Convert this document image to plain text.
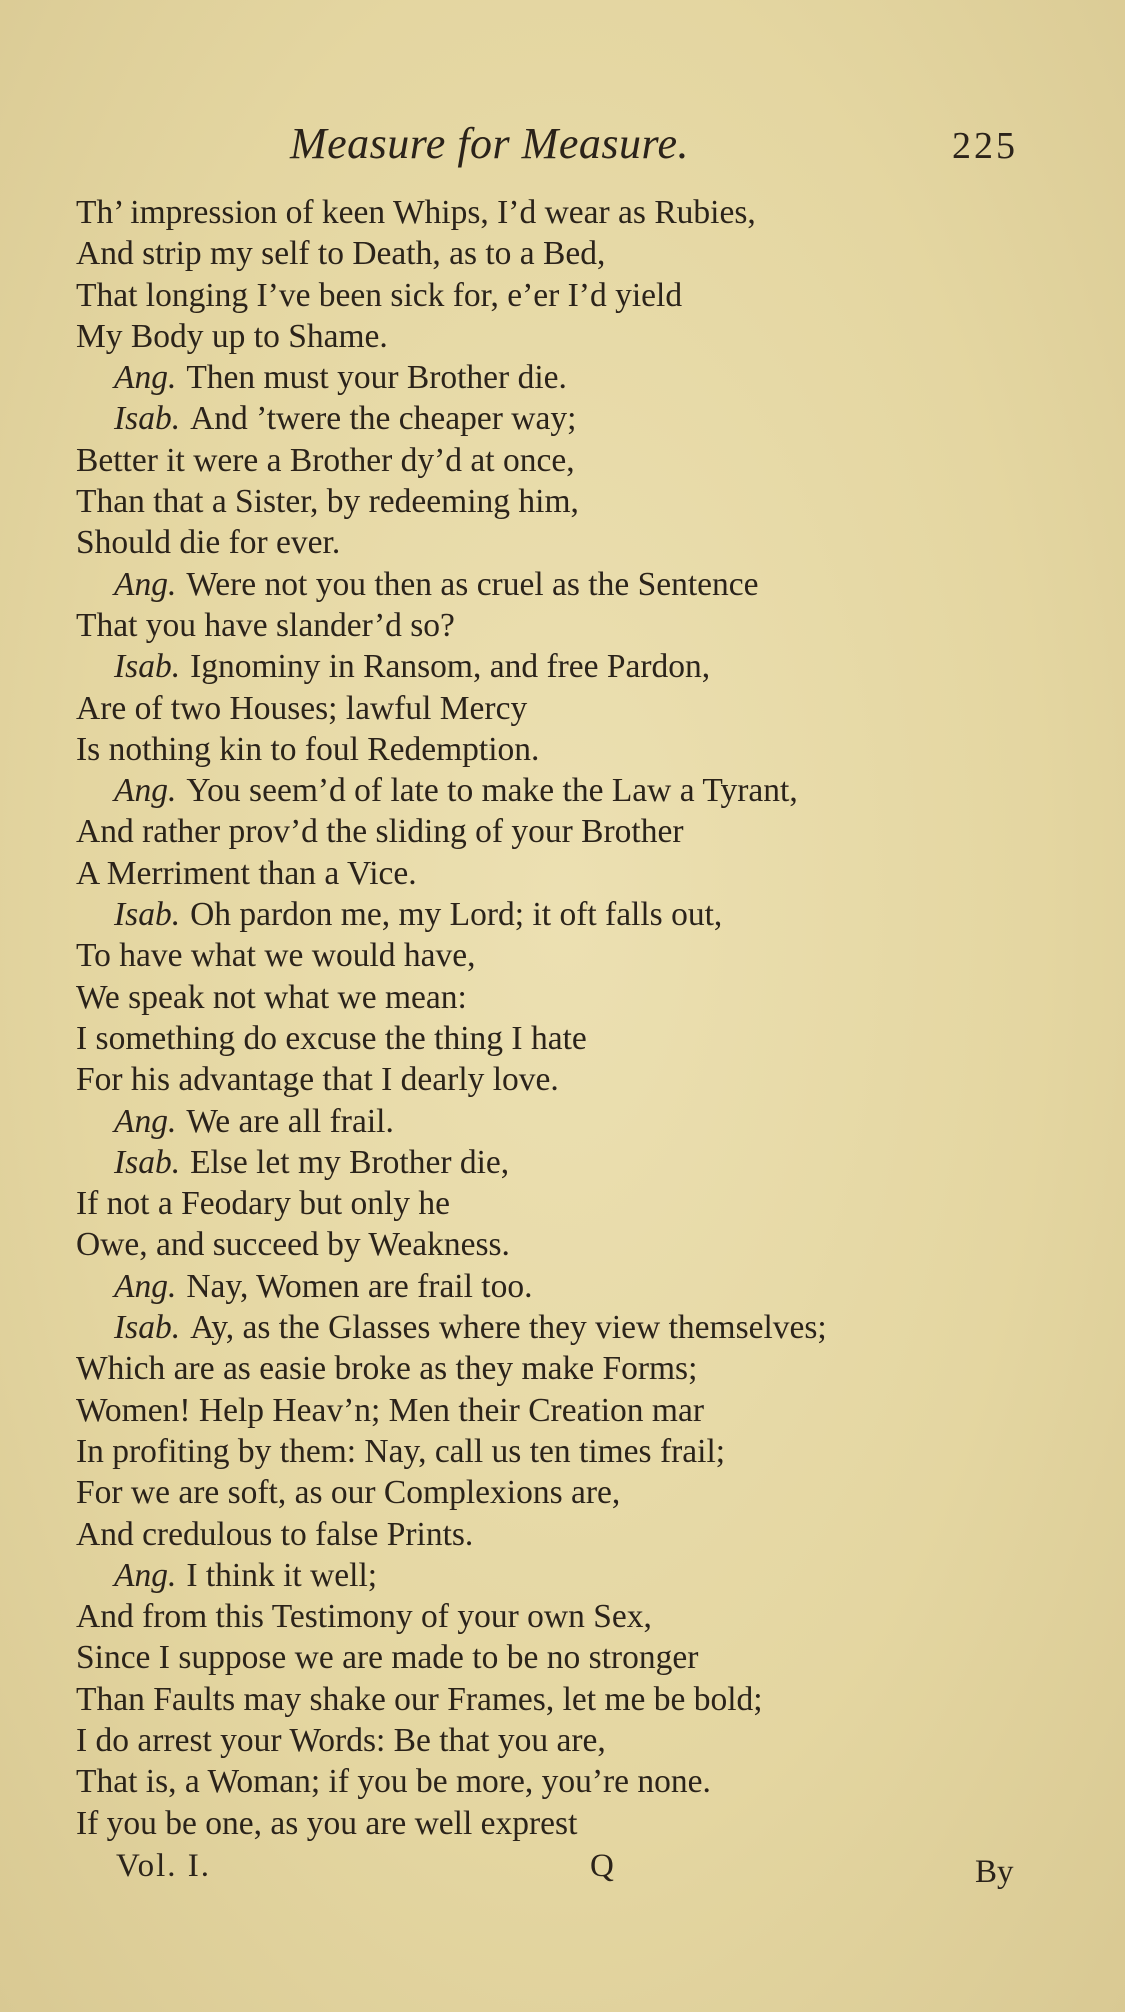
Measure for Measure.	225
Th’ impression of keen Whips, I’d wear as Rubies,
And strip my self to Death, as to a Bed,
That longing I’ve been sick for, e’er I’d yield
My Body up to Shame.
Ang. Then must your Brother die.
Isab. And ’twere the cheaper way;
Better it were a Brother dy’d at once,
Than that a Sister, by redeeming him,
Should die for ever.
Ang. Were not you then as cruel as the Sentence
That you have slander’d so?
Isab. Ignominy in Ransom, and free Pardon,
Are of two Houses; lawful Mercy
Is nothing kin to foul Redemption.
Ang. You seem’d of late to make the Law a Tyrant,
And rather prov’d the sliding of your Brother
A Merriment than a Vice.
Isab. Oh pardon me, my Lord; it oft falls out,
To have what we would have,
We speak not what we mean:
I something do excuse the thing I hate
For his advantage that I dearly love.
Ang. We are all frail.
Isab. Else let my Brother die,
If not a Feodary but only he
Owe, and succeed by Weakness.
Ang. Nay, Women are frail too.
Isab. Ay, as the Glasses where they view themselves;
Which are as easie broke as they make Forms;
Women! Help Heav’n; Men their Creation mar
In profiting by them: Nay, call us ten times frail;
For we are soft, as our Complexions are,
And credulous to false Prints.
Ang. I think it well;
And from this Testimony of your own Sex,
Since I suppose we are made to be no stronger
Than Faults may shake our Frames, let me be bold;
I do arrest your Words: Be that you are,
That is, a Woman; if you be more, you’re none.
If you be one, as you are well exprest
Vol. I.	Q	By
